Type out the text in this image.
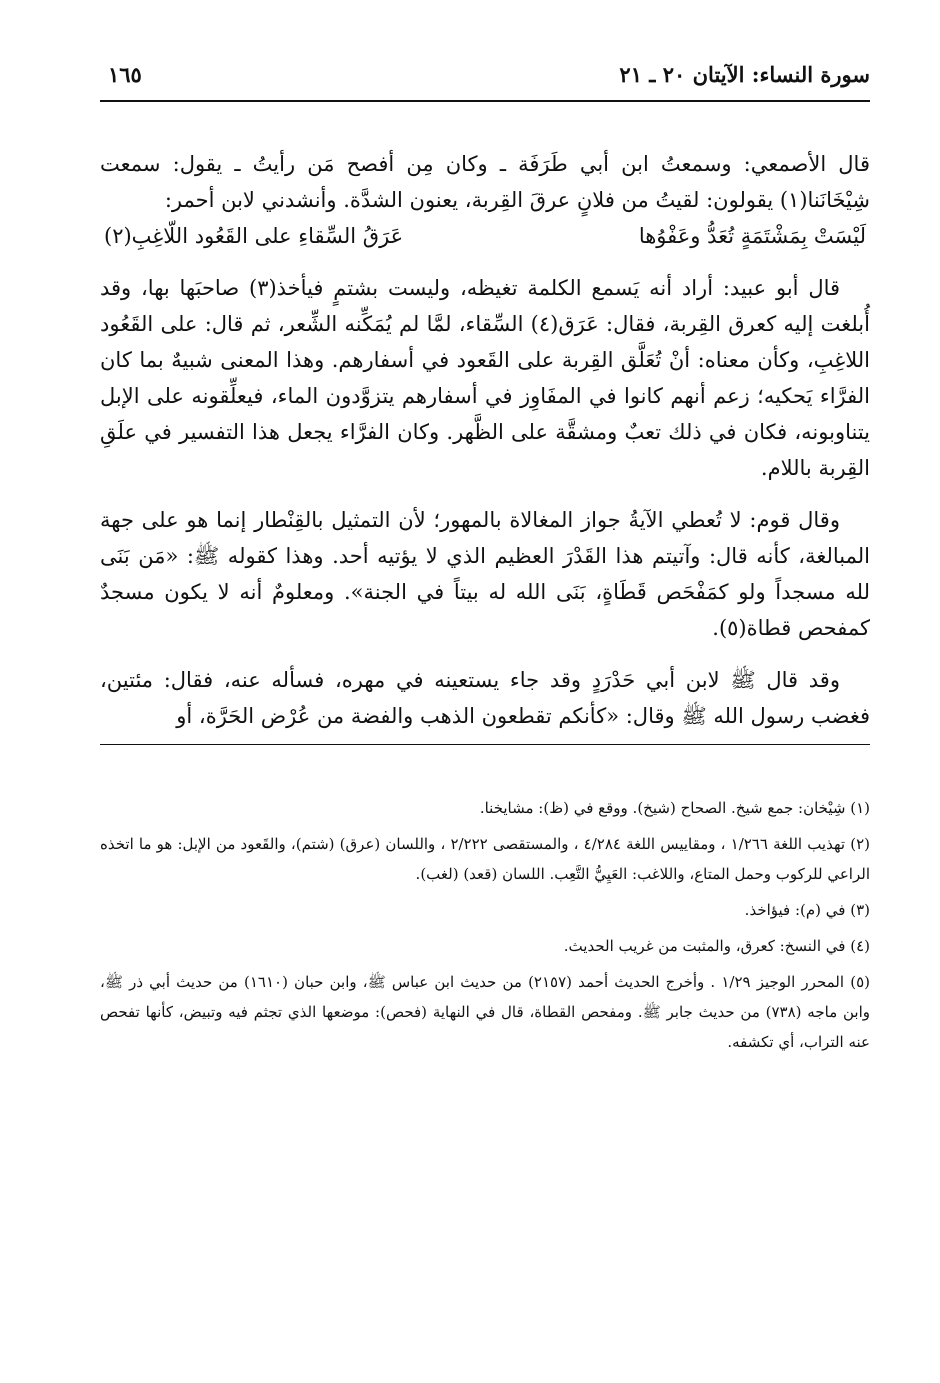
سورة النساء: الآيتان ٢٠ ـ ٢١
١٦٥

قال الأصمعي: وسمعتُ ابن أبي طَرَفَة ـ وكان مِن أفصح مَن رأيتُ ـ يقول: سمعت شِيْخَانَنا(١) يقولون: لقيتُ من فلانٍ عرقَ القِربة، يعنون الشدَّة. وأنشدني لابن أحمر:

لَيْسَتْ بِمَشْتَمَةٍ تُعَدُّ وعَفْوُها
عَرَقُ السِّقاءِ على القَعُود اللّاغِبِ(٢)

قال أبو عبيد: أراد أنه يَسمع الكلمة تغيظه، وليست بشتمٍ فيأخذ(٣) صاحبَها بها، وقد أُبلغت إليه كعرق القِربة، فقال: عَرَق(٤) السِّقاء، لمَّا لم يُمَكِّنه الشِّعر، ثم قال: على القَعُود اللاغِبِ، وكأن معناه: أنْ تُعَلَّق القِربة على القَعود في أسفارهم. وهذا المعنى شبيهٌ بما كان الفرَّاء يَحكيه؛ زعم أنهم كانوا في المفَاوِز في أسفارهم يتزوَّدون الماء، فيعلِّقونه على الإبل يتناوبونه، فكان في ذلك تعبٌ ومشقَّة على الظَّهر. وكان الفرَّاء يجعل هذا التفسير في علَقِ القِربة باللام.

وقال قوم: لا تُعطي الآيةُ جواز المغالاة بالمهور؛ لأن التمثيل بالقِنْطار إنما هو على جهة المبالغة، كأنه قال: وآتيتم هذا القَدْرَ العظيم الذي لا يؤتيه أحد. وهذا كقوله ﷺ: «مَن بَنَى لله مسجداً ولو كمَفْحَص قَطَاةٍ، بَنَى الله له بيتاً في الجنة». ومعلومٌ أنه لا يكون مسجدٌ كمفحص قطاة(٥).

وقد قال ﷺ لابن أبي حَدْرَدٍ وقد جاء يستعينه في مهره، فسأله عنه، فقال: مئتين، فغضب رسول الله ﷺ وقال: «كأنكم تقطعون الذهب والفضة من عُرْض الحَرَّة، أو

(١) شِيْخان: جمع شيخ. الصحاح (شيخ). ووقع في (ظ): مشايخنا.

(٢) تهذيب اللغة ١/٢٦٦ ، ومقاييس اللغة ٤/٢٨٤ ، والمستقصى ٢/٢٢٢ ، واللسان (عرق) (شتم)، والقَعود من الإبل: هو ما اتخذه الراعي للركوب وحمل المتاع، واللاغب: العَيِيُّ التَّعِب. اللسان (قعد) (لغب).

(٣) في (م): فيؤاخذ.

(٤) في النسخ: كعرق، والمثبت من غريب الحديث.

(٥) المحرر الوجيز ١/٢٩ . وأخرج الحديث أحمد (٢١٥٧) من حديث ابن عباس ﷺ، وابن حبان (١٦١٠) من حديث أبي ذر ﷺ، وابن ماجه (٧٣٨) من حديث جابر ﷺ. ومفحص القطاة، قال في النهاية (فحص): موضعها الذي تجثم فيه وتبيض، كأنها تفحص عنه التراب، أي تكشفه.
